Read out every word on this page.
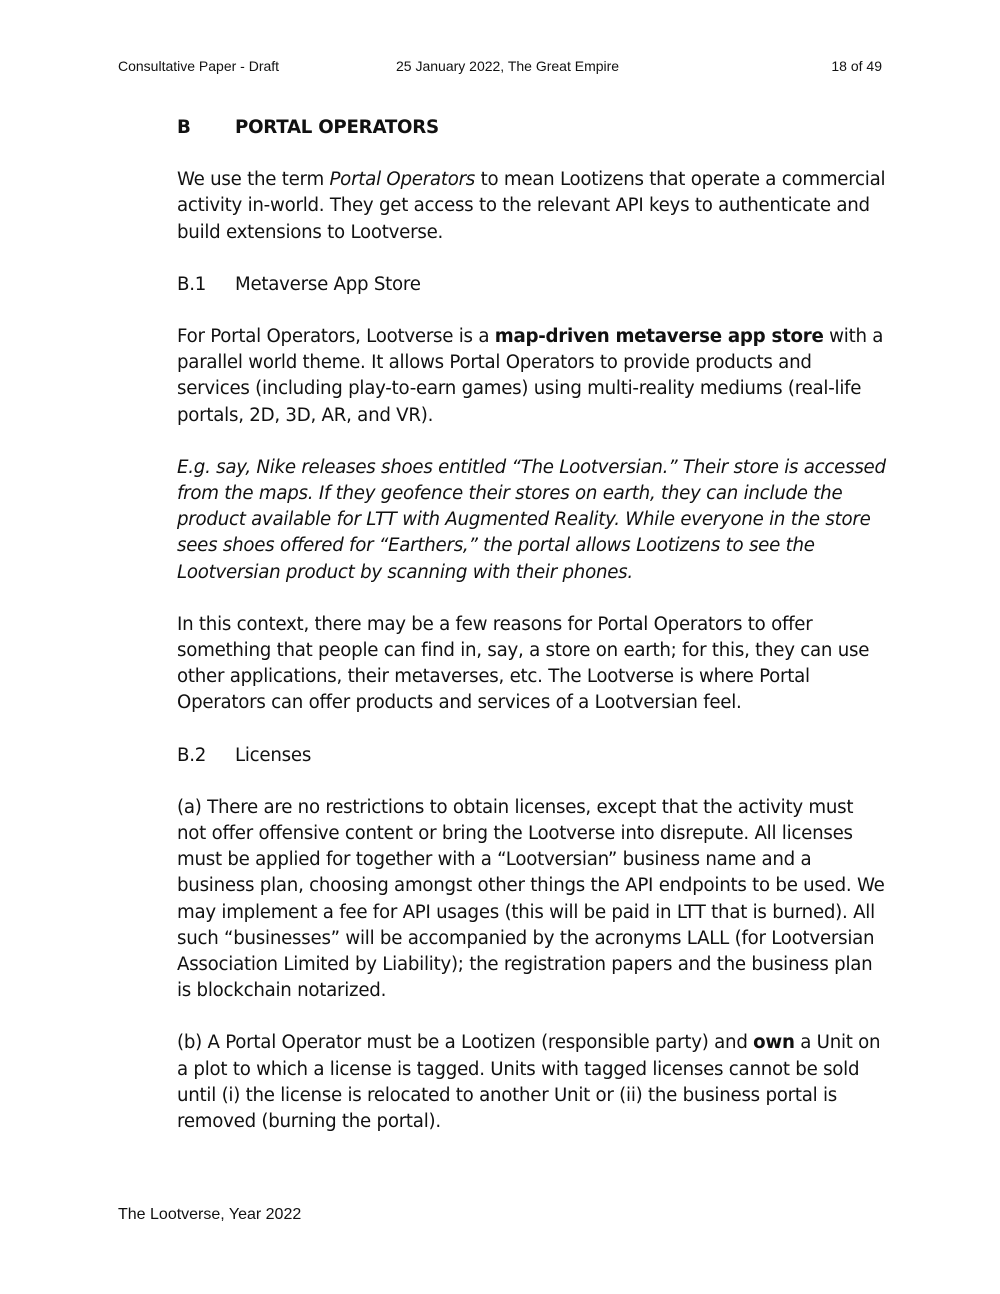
Consultative Paper - Draft	25 January 2022, The Great Empire	18 of 49
B	PORTAL OPERATORS

We use the term Portal Operators to mean Lootizens that operate a commercial activity in-world. They get access to the relevant API keys to authenticate and build extensions to Lootverse.

B.1	Metaverse App Store

For Portal Operators, Lootverse is a map-driven metaverse app store with a parallel world theme. It allows Portal Operators to provide products and services (including play-to-earn games) using multi-reality mediums (real-life portals, 2D, 3D, AR, and VR).

E.g. say, Nike releases shoes entitled “The Lootversian.” Their store is accessed from the maps. If they geofence their stores on earth, they can include the product available for LTT with Augmented Reality. While everyone in the store sees shoes offered for “Earthers,” the portal allows Lootizens to see the Lootversian product by scanning with their phones.

In this context, there may be a few reasons for Portal Operators to offer something that people can find in, say, a store on earth; for this, they can use other applications, their metaverses, etc. The Lootverse is where Portal Operators can offer products and services of a Lootversian feel.

B.2	Licenses

(a) There are no restrictions to obtain licenses, except that the activity must not offer offensive content or bring the Lootverse into disrepute. All licenses must be applied for together with a “Lootversian” business name and a business plan, choosing amongst other things the API endpoints to be used. We may implement a fee for API usages (this will be paid in LTT that is burned). All such “businesses” will be accompanied by the acronyms LALL (for Lootversian Association Limited by Liability); the registration papers and the business plan is blockchain notarized.

(b) A Portal Operator must be a Lootizen (responsible party) and own a Unit on a plot to which a license is tagged. Units with tagged licenses cannot be sold until (i) the license is relocated to another Unit or (ii) the business portal is removed (burning the portal).

The Lootverse, Year 2022
